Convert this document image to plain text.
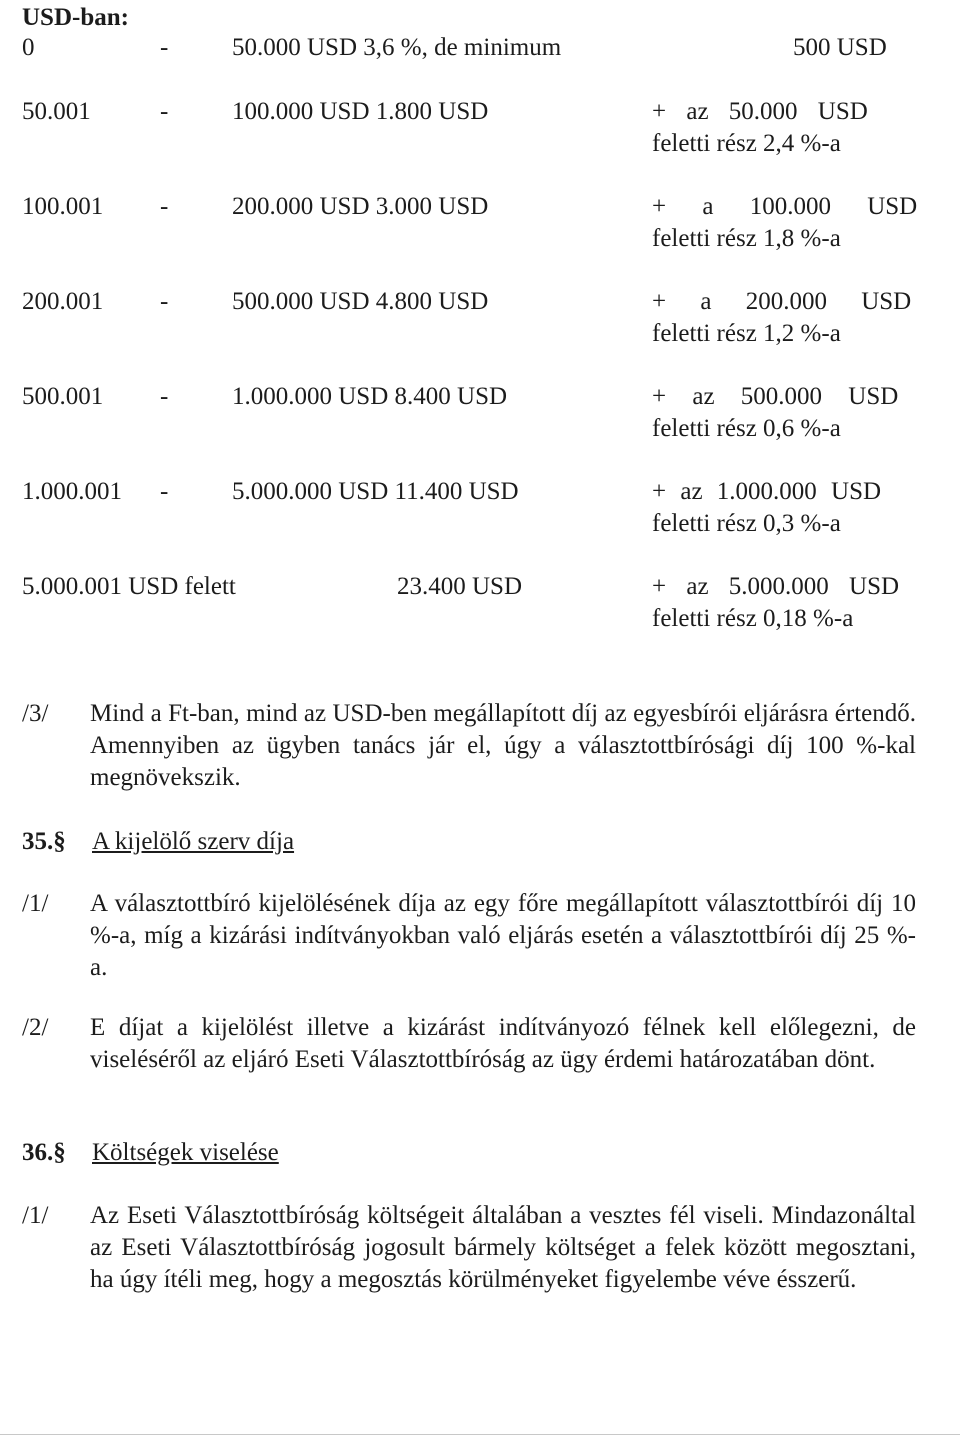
USD-ban:
0	-	50.000 USD 3,6 %, de minimum	500 USD
50.001	-	100.000 USD 1.800 USD	+ az 50.000 USD
feletti rész 2,4 %-a
100.001 -	200.000 USD 3.000 USD	+ a 100.000 USD
feletti rész 1,8 %-a
200.001 -	500.000 USD 4.800 USD	+ a 200.000 USD
feletti rész 1,2 %-a
500.001 -	1.000.000 USD 8.400 USD	+ az 500.000 USD
feletti rész 0,6 %-a
1.000.001 -	5.000.000 USD 11.400 USD	+ az 1.000.000 USD
feletti rész 0,3 %-a
5.000.001 USD felett	23.400 USD	+ az 5.000.000 USD
feletti rész 0,18 %-a
/3/ Mind a Ft-ban, mind az USD-ben megállapított díj az egyesbírói eljárásra értendő. Amennyiben az ügyben tanács jár el, úgy a választottbírósági díj 100 %-kal megnövekszik.
35.§ A kijelölő szerv díja
/1/ A választottbíró kijelölésének díja az egy főre megállapított választottbírói díj 10 %-a, míg a kizárási indítványokban való eljárás esetén a választottbírói díj 25 %-a.
/2/ E díjat a kijelölést illetve a kizárást indítványozó félnek kell előlegezni, de viseléséről az eljáró Eseti Választottbíróság az ügy érdemi határozatában dönt.
36.§ Költségek viselése
/1/ Az Eseti Választottbíróság költségeit általában a vesztes fél viseli. Mindazonáltal az Eseti Választottbíróság jogosult bármely költséget a felek között megosztani, ha úgy ítéli meg, hogy a megosztás körülményeket figyelembe véve ésszerű.
